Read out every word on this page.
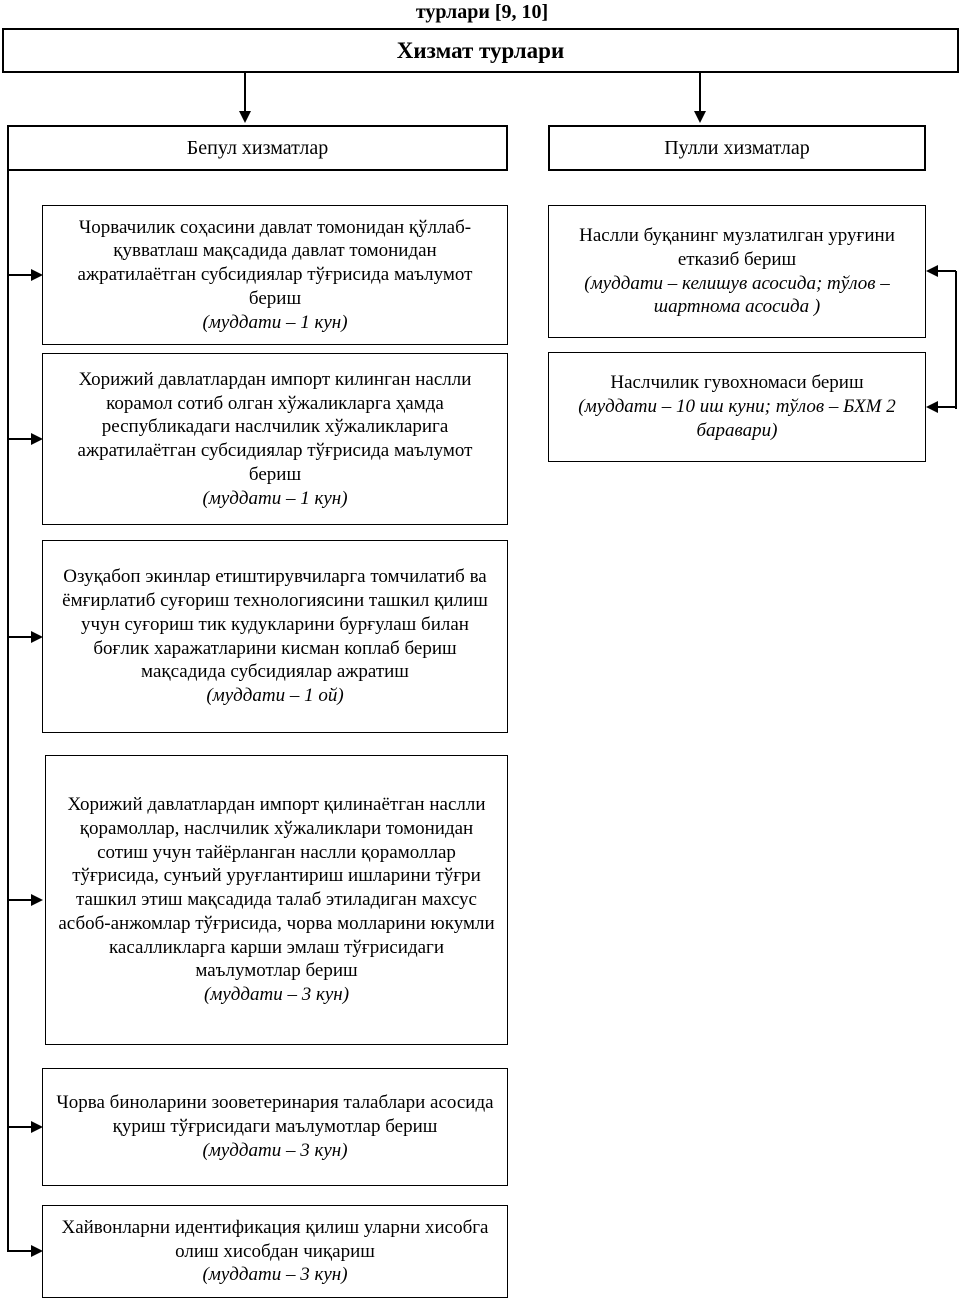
турлари [9, 10]
Хизмат турлари
Бепул хизматлар	Пулли хизматлар
Чорвачилик соҳасини давлат томонидан қўллаб-қувватлаш мақсадида давлат томонидан ажратилаётган субсидиялар тўғрисида маълумот бериш
(муддати – 1 кун)
Хорижий давлатлардан импорт килинган наслли корамол сотиб олган хўжаликларга ҳамда республикадаги наслчилик хўжаликларига ажратилаётган субсидиялар тўғрисида маълумот бериш
(муддати – 1 кун)
Озуқабоп экинлар етиштирувчиларга томчилатиб ва ёмғирлатиб суғориш технологиясини ташкил қилиш учун суғориш тик кудукларини бурғулаш билан боғлик харажатларини кисман коплаб бериш мақсадида субсидиялар ажратиш
(муддати – 1 ой)
Хорижий давлатлардан импорт қилинаётган наслли қорамоллар, наслчилик хўжаликлари томонидан сотиш учун тайёрланган наслли қорамоллар тўғрисида, сунъий уруғлантириш ишларини тўғри ташкил этиш мақсадида талаб этиладиган махсус асбоб-анжомлар тўғрисида, чорва молларини юкумли касалликларга карши эмлаш тўғрисидаги маълумотлар бериш
(муддати – 3 кун)
Чорва биноларини зооветеринария талаблари асосида қуриш тўғрисидаги маълумотлар бериш
(муддати – 3 кун)
Хайвонларни идентификация қилиш уларни хисобга олиш хисобдан чиқариш
(муддати – 3 кун)
Наслли буқанинг музлатилган уруғини етказиб бериш
(муддати – келишув асосида; тўлов –шартнома асосида )
Наслчилик гувохномаси бериш
(муддати – 10 иш куни; тўлов – БХМ 2 баравари)
